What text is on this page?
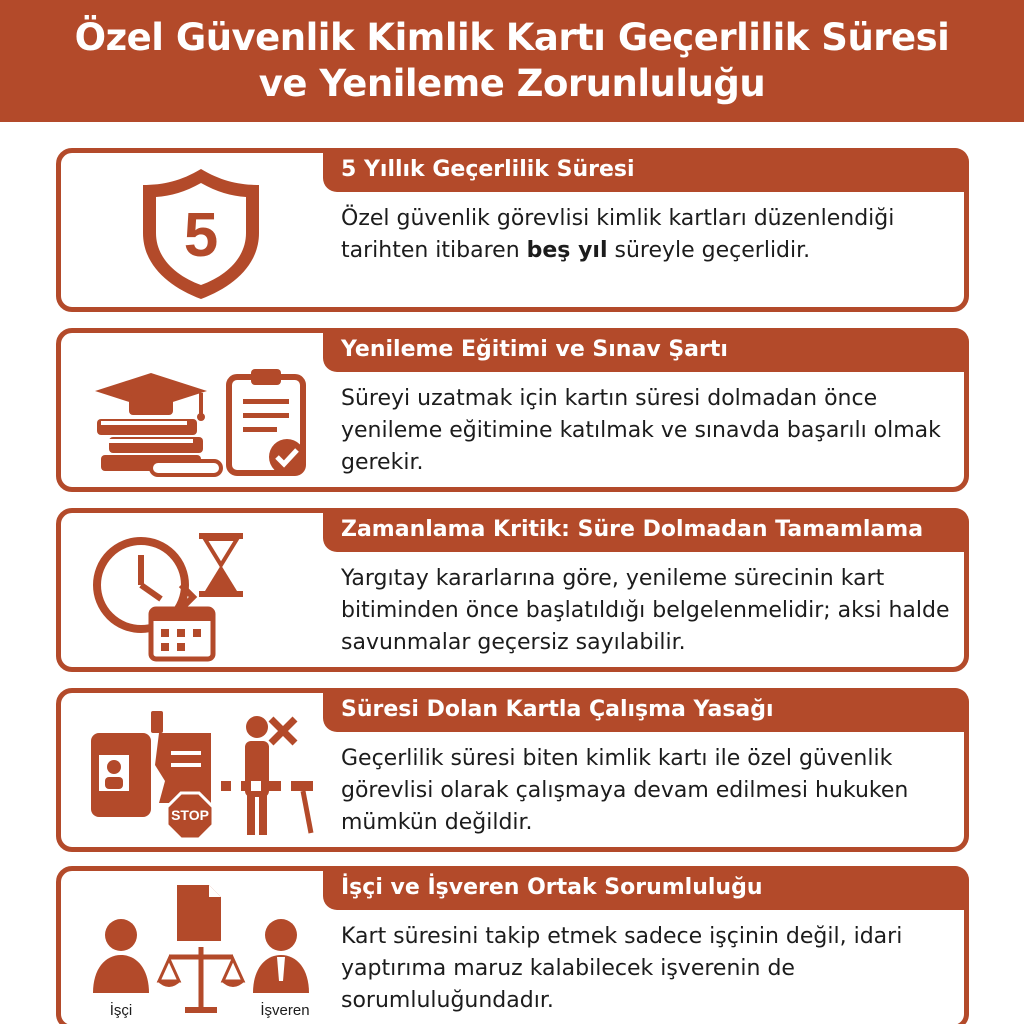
Özel Güvenlik Kimlik Kartı Geçerlilik Süresi
ve Yenileme Zorunluluğu
5
5 Yıllık Geçerlilik Süresi
Özel güvenlik görevlisi kimlik kartları düzenlendiği tarihten itibaren beş yıl süreyle geçerlidir.
Yenileme Eğitimi ve Sınav Şartı
Süreyi uzatmak için kartın süresi dolmadan önce yenileme eğitimine katılmak ve sınavda başarılı olmak gerekir.
Zamanlama Kritik: Süre Dolmadan Tamamlama
Yargıtay kararlarına göre, yenileme sürecinin kart bitiminden önce başlatıldığı belgelenmelidir; aksi halde savunmalar geçersiz sayılabilir.
STOP
Süresi Dolan Kartla Çalışma Yasağı
Geçerlilik süresi biten kimlik kartı ile özel güvenlik görevlisi olarak çalışmaya devam edilmesi hukuken mümkün değildir.
İşçi	İşveren
İşçi ve İşveren Ortak Sorumluluğu
Kart süresini takip etmek sadece işçinin değil, idari yaptırıma maruz kalabilecek işverenin de sorumluluğundadır.
